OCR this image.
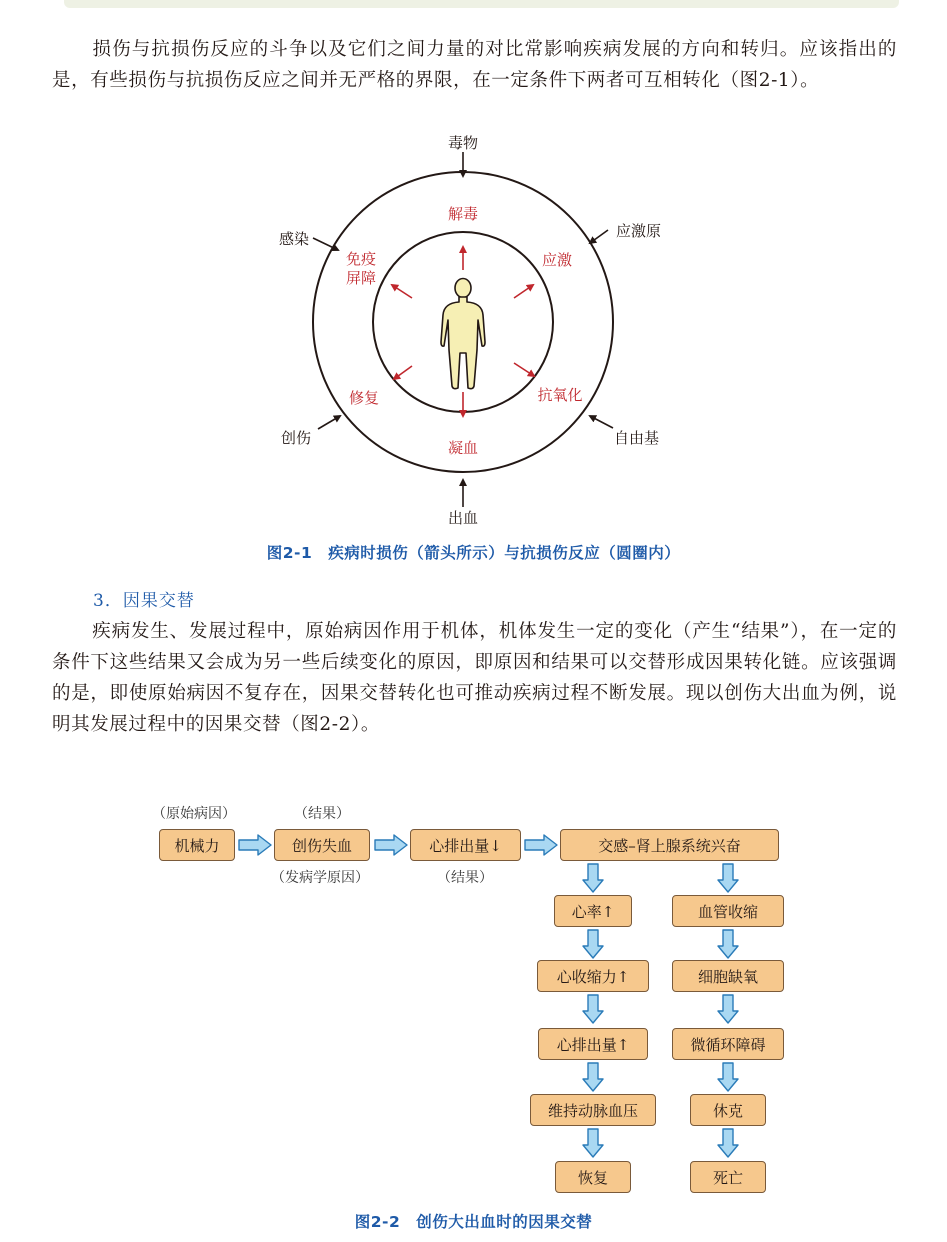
损伤与抗损伤反应的斗争以及它们之间力量的对比常影响疾病发展的方向和转归。应该指出的是，有些损伤与抗损伤反应之间并无严格的界限，在一定条件下两者可互相转化（图2-1）。

毒物
感染	应激原
创伤	自由基
出血
解毒
免疫屏障
应激
修复	抗氧化
凝血

图2-1　疾病时损伤（箭头所示）与抗损伤反应（圆圈内）

3．因果交替

疾病发生、发展过程中，原始病因作用于机体，机体发生一定的变化（产生“结果”），在一定的条件下这些结果又会成为另一些后续变化的原因，即原因和结果可以交替形成因果转化链。应该强调的是，即使原始病因不复存在，因果交替转化也可推动疾病过程不断发展。现以创伤大出血为例，说明其发展过程中的因果交替（图2-2）。

（原始病因）	（结果）
（发病学原因）	（结果）
机械力	创伤失血	心排出量↓	交感–肾上腺系统兴奋
心率↑
心收缩力↑
心排出量↑
维持动脉血压
恢复
血管收缩
细胞缺氧
微循环障碍
休克
死亡

图2-2　创伤大出血时的因果交替
